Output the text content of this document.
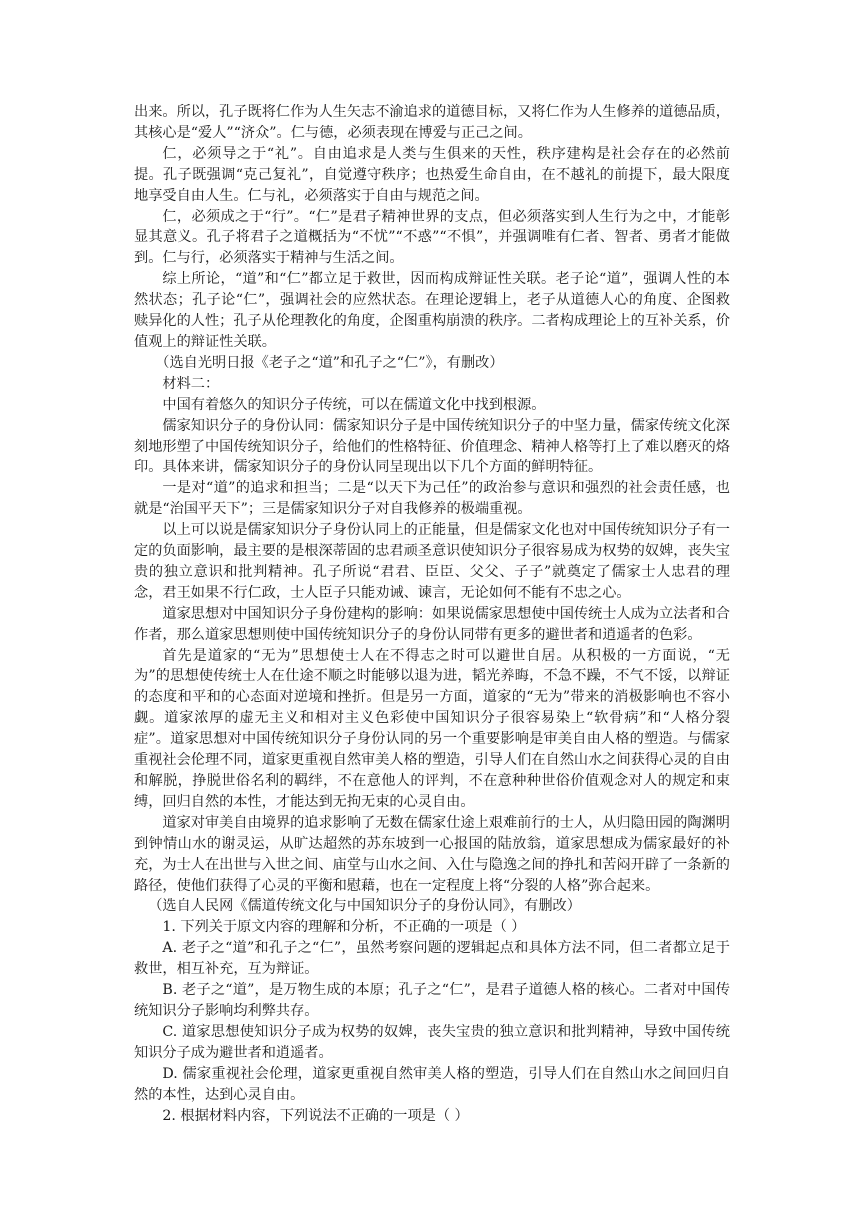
出来。所以，孔子既将仁作为人生矢志不渝追求的道德目标，又将仁作为人生修养的道德品质，其核心是“爱人”“济众”。仁与德，必须表现在博爱与正己之间。

仁，必须导之于“礼”。自由追求是人类与生俱来的天性，秩序建构是社会存在的必然前提。孔子既强调“克己复礼”，自觉遵守秩序；也热爱生命自由，在不越礼的前提下，最大限度地享受自由人生。仁与礼，必须落实于自由与规范之间。

仁，必须成之于“行”。“仁”是君子精神世界的支点，但必须落实到人生行为之中，才能彰显其意义。孔子将君子之道概括为“不忧”“不惑”“不惧”，并强调唯有仁者、智者、勇者才能做到。仁与行，必须落实于精神与生活之间。

综上所论，“道”和“仁”都立足于救世，因而构成辩证性关联。老子论“道”，强调人性的本然状态；孔子论“仁”，强调社会的应然状态。在理论逻辑上，老子从道德人心的角度、企图救赎异化的人性；孔子从伦理教化的角度，企图重构崩溃的秩序。二者构成理论上的互补关系，价值观上的辩证性关联。

（选自光明日报《老子之“道”和孔子之“仁”》，有删改）

材料二：

中国有着悠久的知识分子传统，可以在儒道文化中找到根源。

儒家知识分子的身份认同：儒家知识分子是中国传统知识分子的中坚力量，儒家传统文化深刻地形塑了中国传统知识分子，给他们的性格特征、价值理念、精神人格等打上了难以磨灭的烙印。具体来讲，儒家知识分子的身份认同呈现出以下几个方面的鲜明特征。

一是对“道”的追求和担当；二是“以天下为己任”的政治参与意识和强烈的社会责任感，也就是“治国平天下”；三是儒家知识分子对自我修养的极端重视。

以上可以说是儒家知识分子身份认同上的正能量，但是儒家文化也对中国传统知识分子有一定的负面影响，最主要的是根深蒂固的忠君顽圣意识使知识分子很容易成为权势的奴婢，丧失宝贵的独立意识和批判精神。孔子所说“君君、臣臣、父父、子子”就奠定了儒家士人忠君的理念，君王如果不行仁政，士人臣子只能劝诫、谏言，无论如何不能有不忠之心。

道家思想对中国知识分子身份建构的影响：如果说儒家思想使中国传统士人成为立法者和合作者，那么道家思想则使中国传统知识分子的身份认同带有更多的避世者和逍遥者的色彩。

首先是道家的“无为”思想使士人在不得志之时可以避世自居。从积极的一方面说，“无为”的思想使传统士人在仕途不顺之时能够以退为进，韬光养晦，不急不躁，不气不馁，以辩证的态度和平和的心态面对逆境和挫折。但是另一方面，道家的“无为”带来的消极影响也不容小觑。道家浓厚的虚无主义和相对主义色彩使中国知识分子很容易染上“软骨病”和“人格分裂症”。道家思想对中国传统知识分子身份认同的另一个重要影响是审美自由人格的塑造。与儒家重视社会伦理不同，道家更重视自然审美人格的塑造，引导人们在自然山水之间获得心灵的自由和解脱，挣脱世俗名利的羁绊，不在意他人的评判，不在意种种世俗价值观念对人的规定和束缚，回归自然的本性，才能达到无拘无束的心灵自由。

道家对审美自由境界的追求影响了无数在儒家仕途上艰难前行的士人，从归隐田园的陶渊明到钟情山水的谢灵运，从旷达超然的苏东坡到一心报国的陆放翁，道家思想成为儒家最好的补充，为士人在出世与入世之间、庙堂与山水之间、入仕与隐逸之间的挣扎和苦闷开辟了一条新的路径，使他们获得了心灵的平衡和慰藉，也在一定程度上将“分裂的人格”弥合起来。

（选自人民网《儒道传统文化与中国知识分子的身份认同》，有删改）

1. 下列关于原文内容的理解和分析，不正确的一项是（ ）

A. 老子之“道”和孔子之“仁”，虽然考察问题的逻辑起点和具体方法不同，但二者都立足于救世，相互补充，互为辩证。

B. 老子之“道”，是万物生成的本原；孔子之“仁”，是君子道德人格的核心。二者对中国传统知识分子影响均利弊共存。

C. 道家思想使知识分子成为权势的奴婢，丧失宝贵的独立意识和批判精神，导致中国传统知识分子成为避世者和逍遥者。

D. 儒家重视社会伦理，道家更重视自然审美人格的塑造，引导人们在自然山水之间回归自然的本性，达到心灵自由。

2. 根据材料内容，下列说法不正确的一项是（ ）
